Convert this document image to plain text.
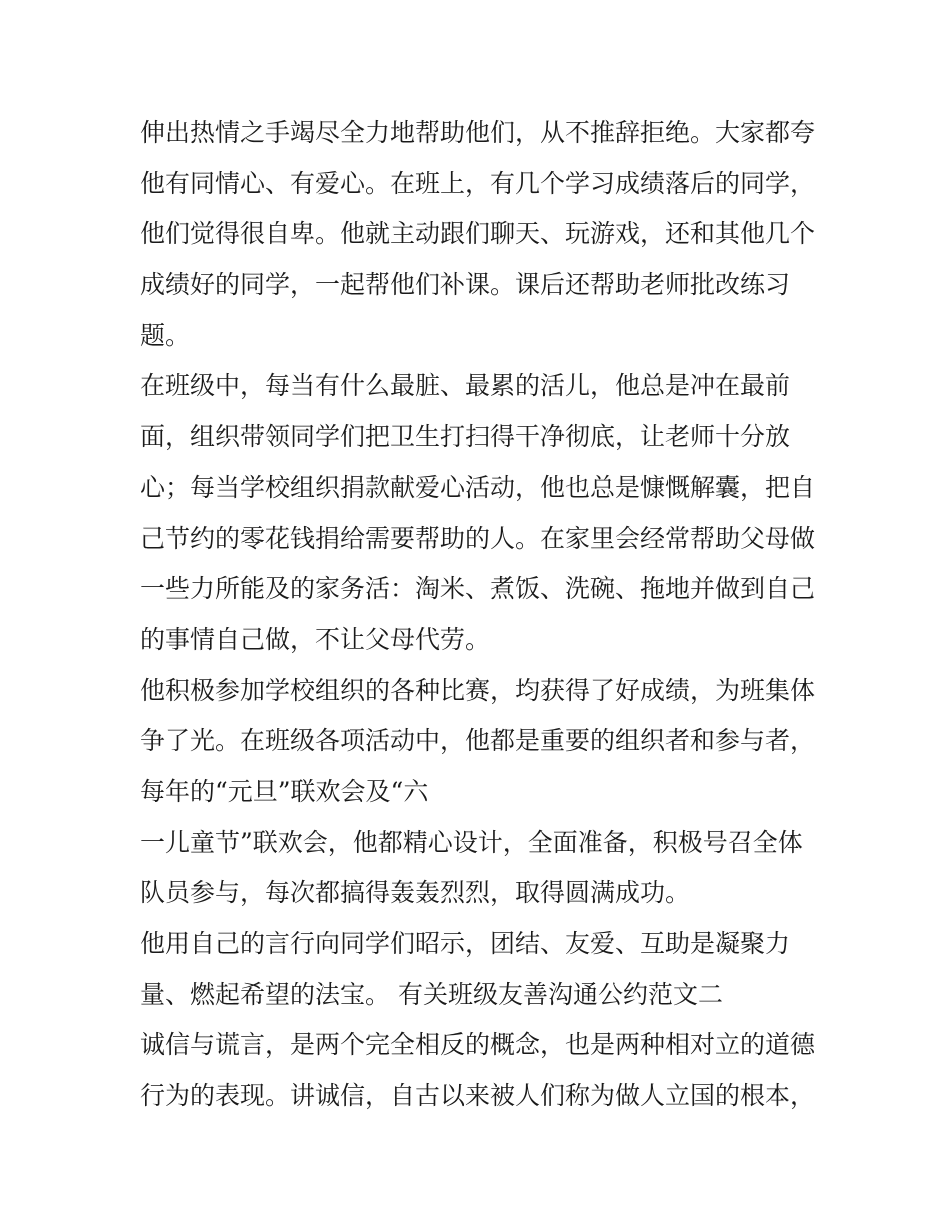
伸出热情之手竭尽全力地帮助他们，从不推辞拒绝。大家都夸
他有同情心、有爱心。在班上，有几个学习成绩落后的同学，
他们觉得很自卑。他就主动跟们聊天、玩游戏，还和其他几个
成绩好的同学，一起帮他们补课。课后还帮助老师批改练习
题。
在班级中，每当有什么最脏、最累的活儿，他总是冲在最前
面，组织带领同学们把卫生打扫得干净彻底，让老师十分放
心；每当学校组织捐款献爱心活动，他也总是慷慨解囊，把自
己节约的零花钱捐给需要帮助的人。在家里会经常帮助父母做
一些力所能及的家务活：淘米、煮饭、洗碗、拖地并做到自己
的事情自己做，不让父母代劳。
他积极参加学校组织的各种比赛，均获得了好成绩，为班集体
争了光。在班级各项活动中，他都是重要的组织者和参与者，
每年的“元旦”联欢会及“六
一儿童节”联欢会，他都精心设计，全面准备，积极号召全体
队员参与，每次都搞得轰轰烈烈，取得圆满成功。
他用自己的言行向同学们昭示，团结、友爱、互助是凝聚力
量、燃起希望的法宝。 有关班级友善沟通公约范文二
诚信与谎言，是两个完全相反的概念，也是两种相对立的道德
行为的表现。讲诚信，自古以来被人们称为做人立国的根本，
